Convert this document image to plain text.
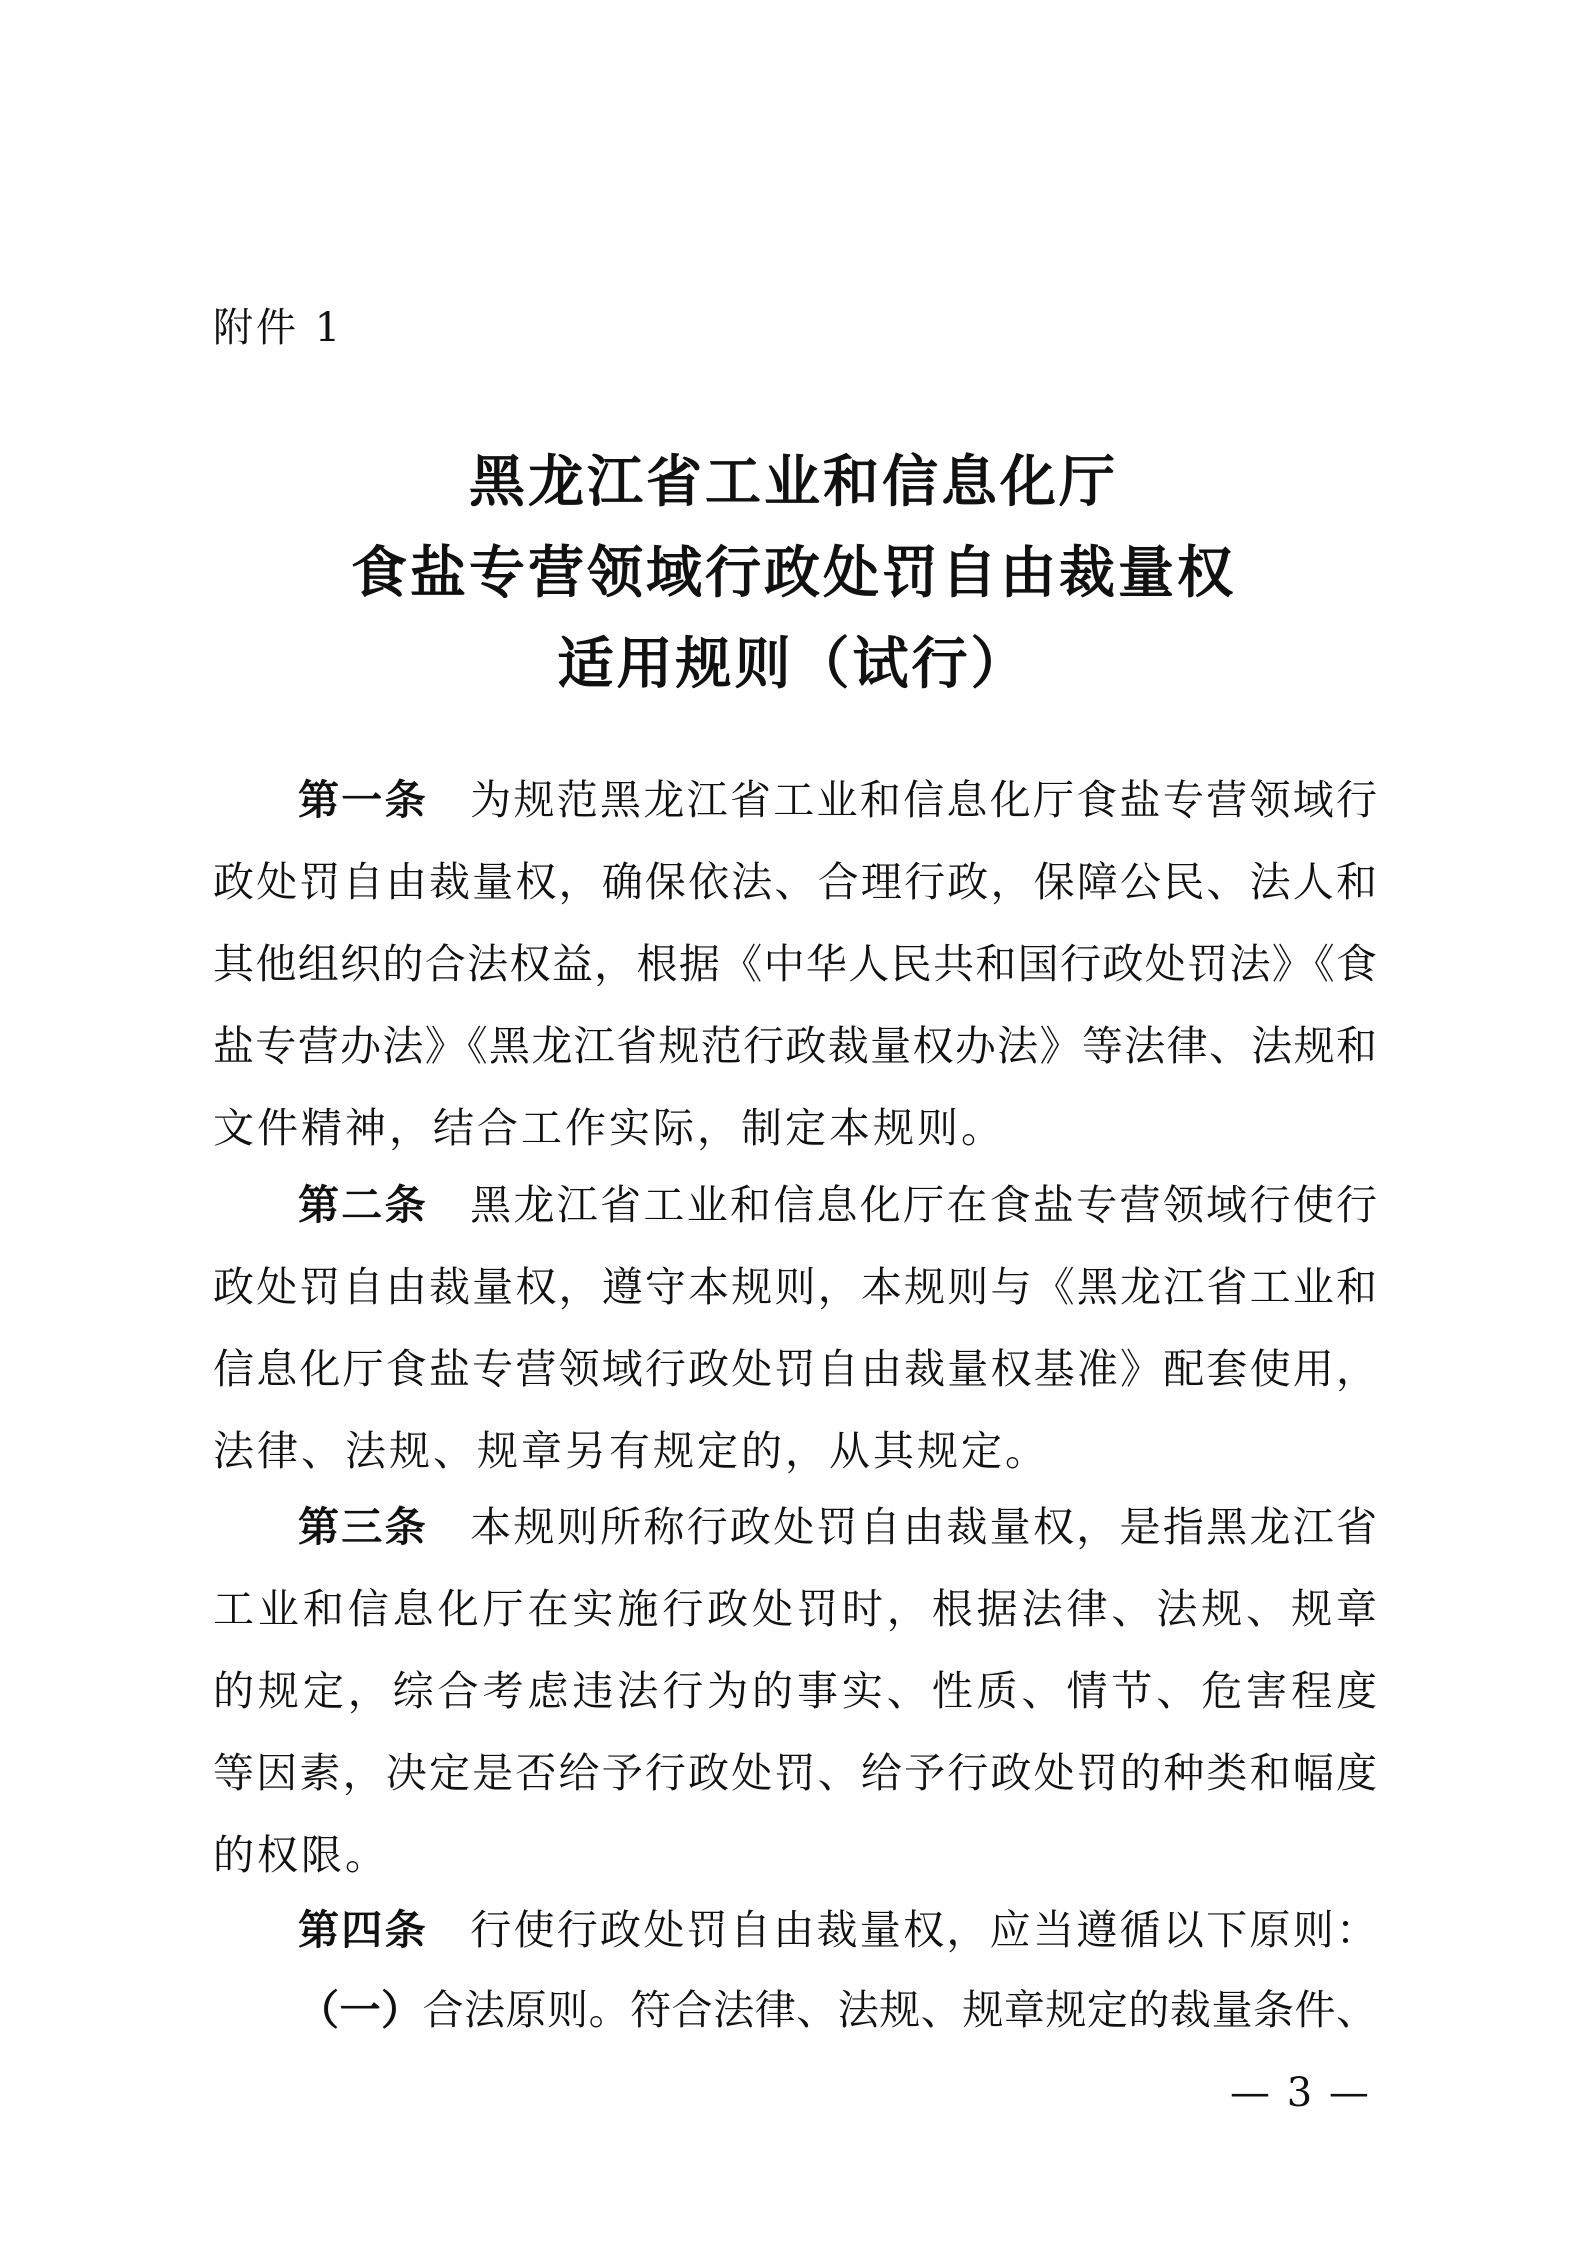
附件 1
黑龙江省工业和信息化厅
食盐专营领域行政处罚自由裁量权
适用规则（试行）
第一条 为规范黑龙江省工业和信息化厅食盐专营领域行
政处罚自由裁量权，确保依法、合理行政，保障公民、法人和
其他组织的合法权益，根据《中华人民共和国行政处罚法》《食
盐专营办法》《黑龙江省规范行政裁量权办法》等法律、法规和
文件精神，结合工作实际，制定本规则。
第二条 黑龙江省工业和信息化厅在食盐专营领域行使行
政处罚自由裁量权，遵守本规则，本规则与《黑龙江省工业和
信息化厅食盐专营领域行政处罚自由裁量权基准》配套使用，
法律、法规、规章另有规定的，从其规定。
第三条 本规则所称行政处罚自由裁量权，是指黑龙江省
工业和信息化厅在实施行政处罚时，根据法律、法规、规章
的规定，综合考虑违法行为的事实、性质、情节、危害程度
等因素，决定是否给予行政处罚、给予行政处罚的种类和幅度
的权限。
第四条 行使行政处罚自由裁量权，应当遵循以下原则：
（一）合法原则。符合法律、法规、规章规定的裁量条件、
— 3 —
